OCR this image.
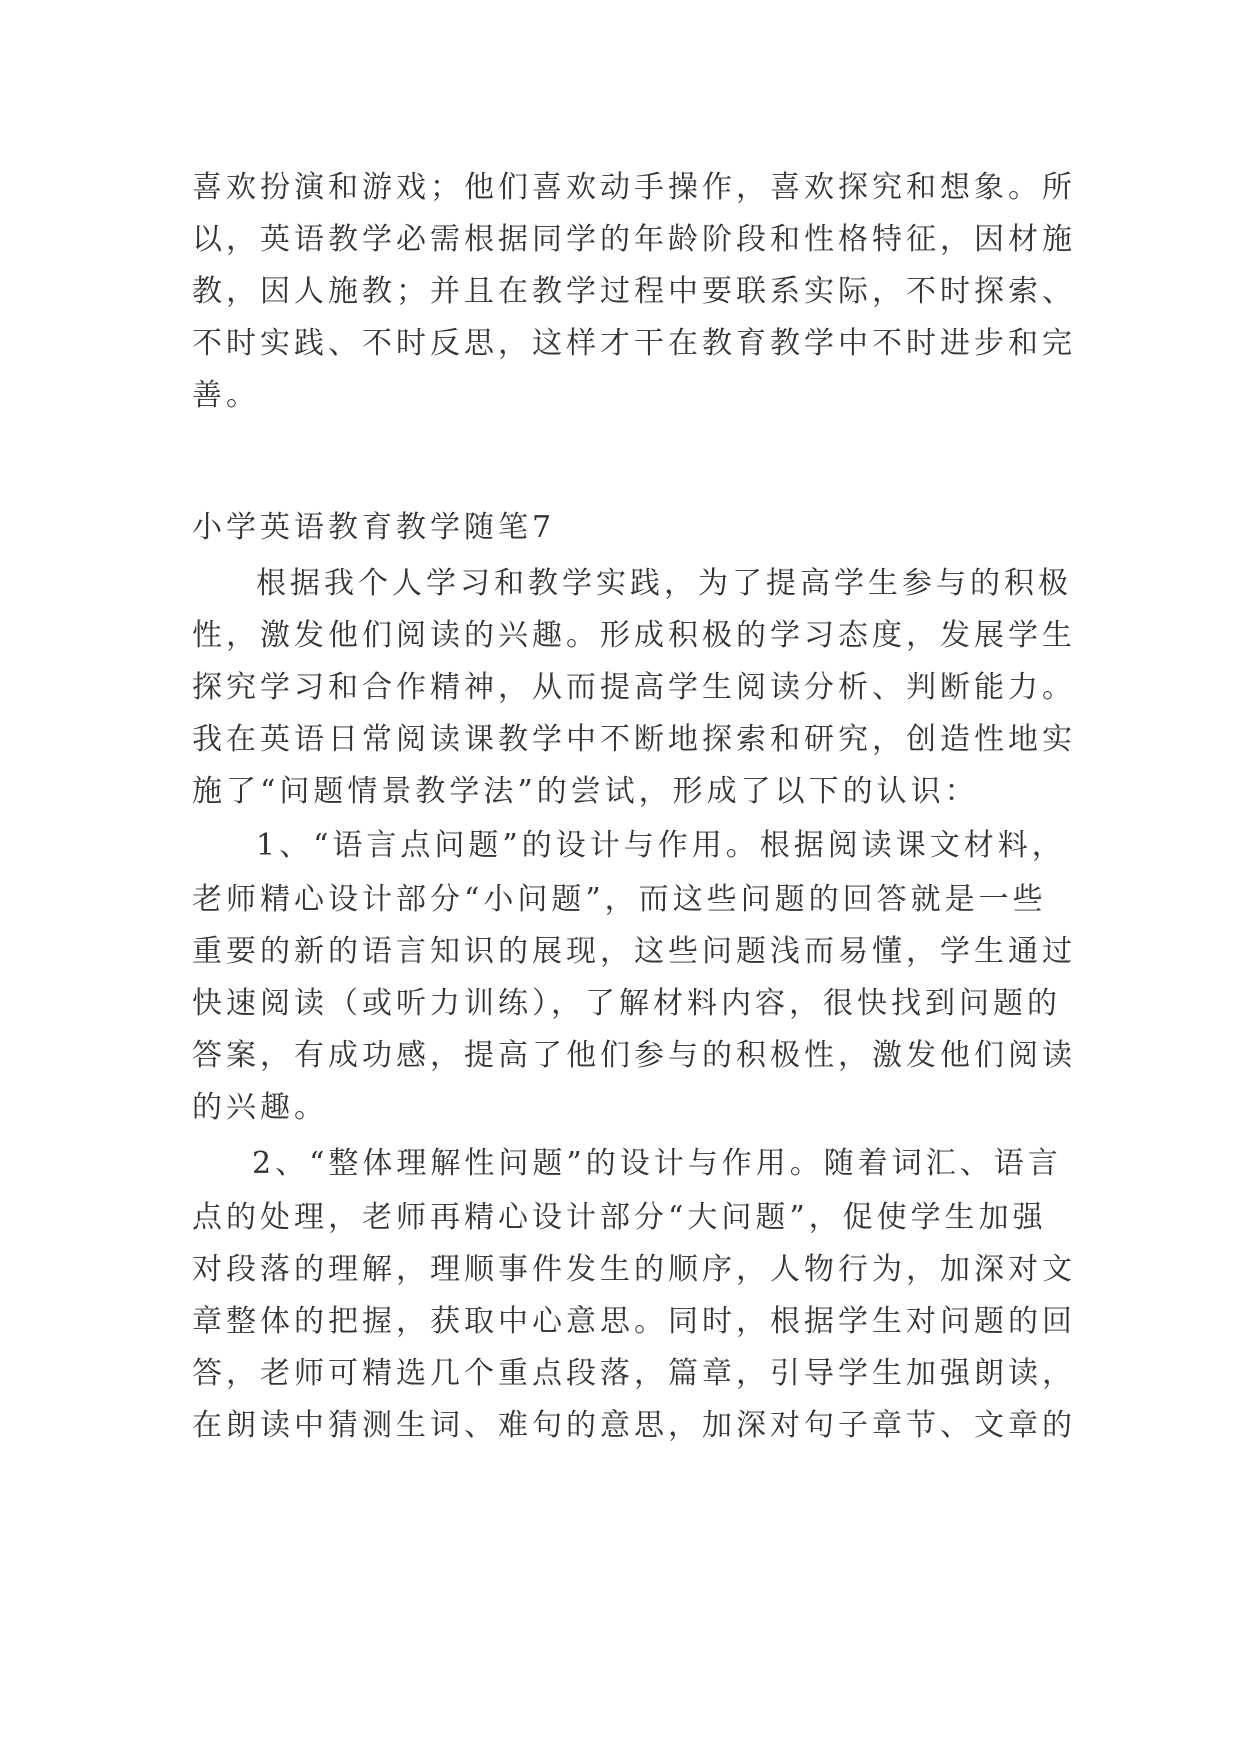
喜欢扮演和游戏；他们喜欢动手操作，喜欢探究和想象。所
以，英语教学必需根据同学的年龄阶段和性格特征，因材施
教，因人施教；并且在教学过程中要联系实际，不时探索、
不时实践、不时反思，这样才干在教育教学中不时进步和完
善。
小学英语教育教学随笔7
根据我个人学习和教学实践，为了提高学生参与的积极
性，激发他们阅读的兴趣。形成积极的学习态度，发展学生
探究学习和合作精神，从而提高学生阅读分析、判断能力。
我在英语日常阅读课教学中不断地探索和研究，创造性地实
施了“问题情景教学法”的尝试，形成了以下的认识：
1、“语言点问题”的设计与作用。根据阅读课文材料，
老师精心设计部分“小问题”，而这些问题的回答就是一些
重要的新的语言知识的展现，这些问题浅而易懂，学生通过
快速阅读（或听力训练），了解材料内容，很快找到问题的
答案，有成功感，提高了他们参与的积极性，激发他们阅读
的兴趣。
2、“整体理解性问题”的设计与作用。随着词汇、语言
点的处理，老师再精心设计部分“大问题”，促使学生加强
对段落的理解，理顺事件发生的顺序，人物行为，加深对文
章整体的把握，获取中心意思。同时，根据学生对问题的回
答，老师可精选几个重点段落，篇章，引导学生加强朗读，
在朗读中猜测生词、难句的意思，加深对句子章节、文章的
